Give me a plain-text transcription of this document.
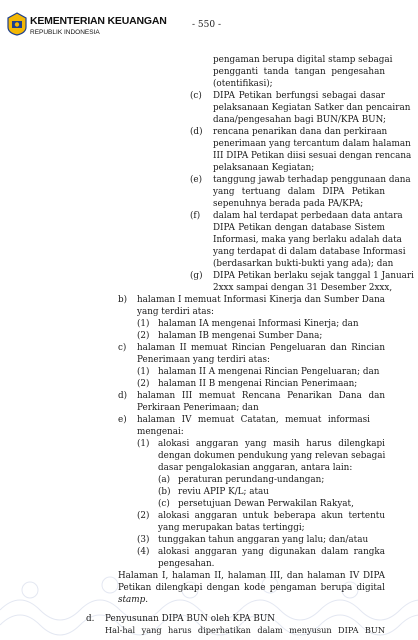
KEMENTERIAN KEUANGAN
REPUBLIK INDONESIA
- 550 -
pengaman berupa digital stamp sebagai
pengganti tanda tangan pengesahan
(otentifikasi);
(c) DIPA Petikan berfungsi sebagai dasar
pelaksanaan Kegiatan Satker dan pencairan
dana/pengesahan bagi BUN/KPA BUN;
(d) rencana penarikan dana dan perkiraan
penerimaan yang tercantum dalam halaman
III DIPA Petikan diisi sesuai dengan rencana
pelaksanaan Kegiatan;
(e) tanggung jawab terhadap penggunaan dana
yang tertuang dalam DIPA Petikan
sepenuhnya berada pada PA/KPA;
(f) dalam hal terdapat perbedaan data antara
DIPA Petikan dengan database Sistem
Informasi, maka yang berlaku adalah data
yang terdapat di dalam database Informasi
(berdasarkan bukti-bukti yang ada); dan
(g) DIPA Petikan berlaku sejak tanggal 1 Januari
2xxx sampai dengan 31 Desember 2xxx,
b) halaman I memuat Informasi Kinerja dan Sumber Dana
yang terdiri atas:
(1) halaman IA mengenai Informasi Kinerja; dan
(2) halaman IB mengenai Sumber Dana;
c) halaman II memuat Rincian Pengeluaran dan Rincian
Penerimaan yang terdiri atas:
(1) halaman II A mengenai Rincian Pengeluaran; dan
(2) halaman II B mengenai Rincian Penerimaan;
d) halaman III memuat Rencana Penarikan Dana dan
Perkiraan Penerimaan; dan
e) halaman IV memuat Catatan, memuat informasi
mengenai:
(1) alokasi anggaran yang masih harus dilengkapi
dengan dokumen pendukung yang relevan sebagai
dasar pengalokasian anggaran, antara lain:
(a) peraturan perundang-undangan;
(b) reviu APIP K/L; atau
(c) persetujuan Dewan Perwakilan Rakyat,
(2) alokasi anggaran untuk beberapa akun tertentu
yang merupakan batas tertinggi;
(3) tunggakan tahun anggaran yang lalu; dan/atau
(4) alokasi anggaran yang digunakan dalam rangka
pengesahan.
Halaman I, halaman II, halaman III, dan halaman IV DIPA
Petikan dilengkapi dengan kode pengaman berupa digital
stamp.
d. Penyusunan DIPA BUN oleh KPA BUN
Hal-hal yang harus diperhatikan dalam menyusun DIPA BUN
